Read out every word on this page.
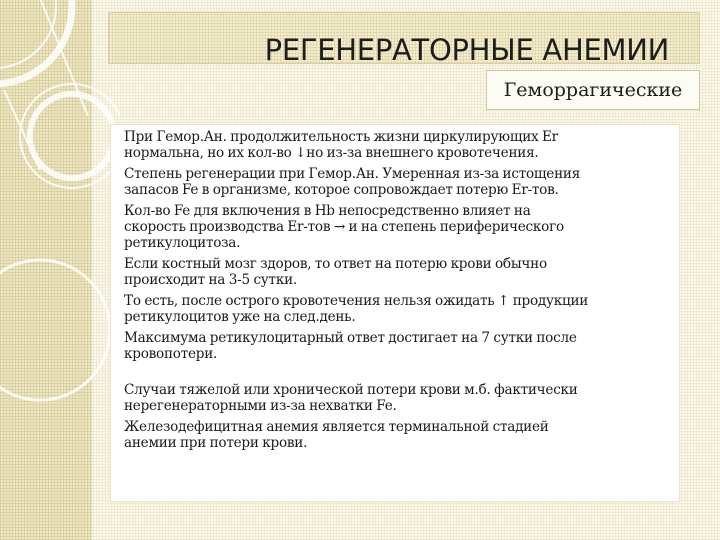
РЕГЕНЕРАТОРНЫЕ АНЕМИИ
Геморрагические

При Гемор.Ан. продолжительность жизни циркулирующих Er
нормальна, но их кол-во ↓но из-за внешнего кровотечения.

Степень регенерации при Гемор.Ан. Умеренная из-за истощения
запасов Fe в организме, которое сопровождает потерю Er-тов.

Кол-во Fe для включения в Hb непосредственно влияет на
скорость производства Er-тов → и на степень периферического
ретикулоцитоза.

Если костный мозг здоров, то ответ на потерю крови обычно
происходит на 3-5 сутки.

То есть, после острого кровотечения нельзя ожидать ↑ продукции
ретикулоцитов уже на след.день.

Максимума ретикулоцитарный ответ достигает на 7 сутки после
кровопотери.

Случаи тяжелой или хронической потери крови м.б. фактически
нерегенераторными из-за нехватки Fe.

Железодефицитная анемия является терминальной стадией
анемии при потери крови.
